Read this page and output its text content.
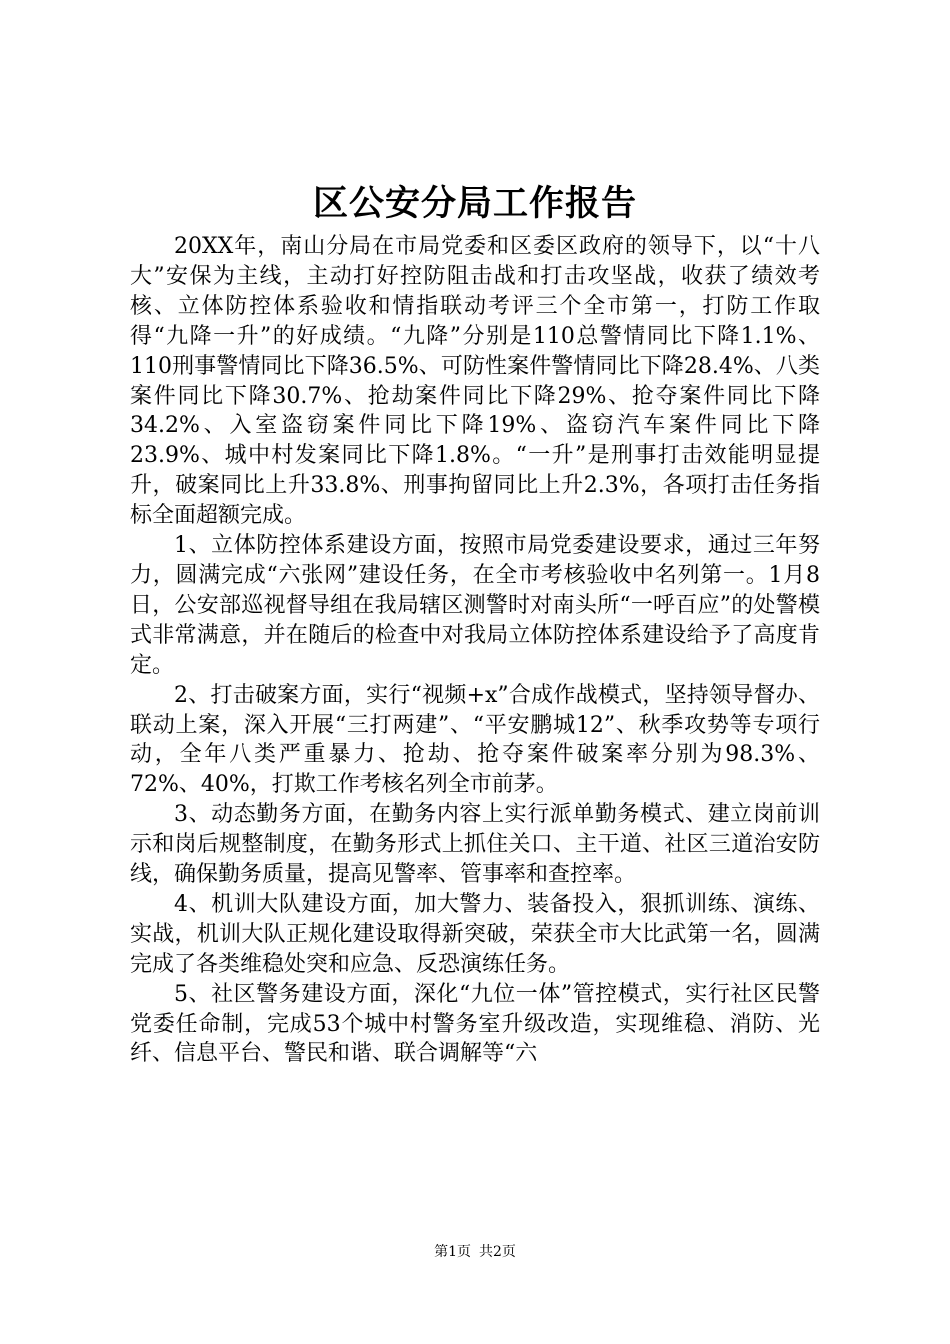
区公安分局工作报告

20XX年，南山分局在市局党委和区委区政府的领导下，以“十八大”安保为主线，主动打好控防阻击战和打击攻坚战，收获了绩效考核、立体防控体系验收和情指联动考评三个全市第一，打防工作取得“九降一升”的好成绩。“九降”分别是110总警情同比下降1.1%、110刑事警情同比下降36.5%、可防性案件警情同比下降28.4%、八类案件同比下降30.7%、抢劫案件同比下降29%、抢夺案件同比下降34.2%、入室盗窃案件同比下降19%、盗窃汽车案件同比下降23.9%、城中村发案同比下降1.8%。“一升”是刑事打击效能明显提升，破案同比上升33.8%、刑事拘留同比上升2.3%，各项打击任务指标全面超额完成。

1、立体防控体系建设方面，按照市局党委建设要求，通过三年努力，圆满完成“六张网”建设任务，在全市考核验收中名列第一。1月8日，公安部巡视督导组在我局辖区测警时对南头所“一呼百应”的处警模式非常满意，并在随后的检查中对我局立体防控体系建设给予了高度肯定。

2、打击破案方面，实行“视频+x”合成作战模式，坚持领导督办、联动上案，深入开展“三打两建”、“平安鹏城12”、秋季攻势等专项行动，全年八类严重暴力、抢劫、抢夺案件破案率分别为98.3%、72%、40%，打欺工作考核名列全市前茅。

3、动态勤务方面，在勤务内容上实行派单勤务模式、建立岗前训示和岗后规整制度，在勤务形式上抓住关口、主干道、社区三道治安防线，确保勤务质量，提高见警率、管事率和查控率。

4、机训大队建设方面，加大警力、装备投入，狠抓训练、演练、实战，机训大队正规化建设取得新突破，荣获全市大比武第一名，圆满完成了各类维稳处突和应急、反恐演练任务。

5、社区警务建设方面，深化“九位一体”管控模式，实行社区民警党委任命制，完成53个城中村警务室升级改造，实现维稳、消防、光纤、信息平台、警民和谐、联合调解等“六

第1页 共2页
